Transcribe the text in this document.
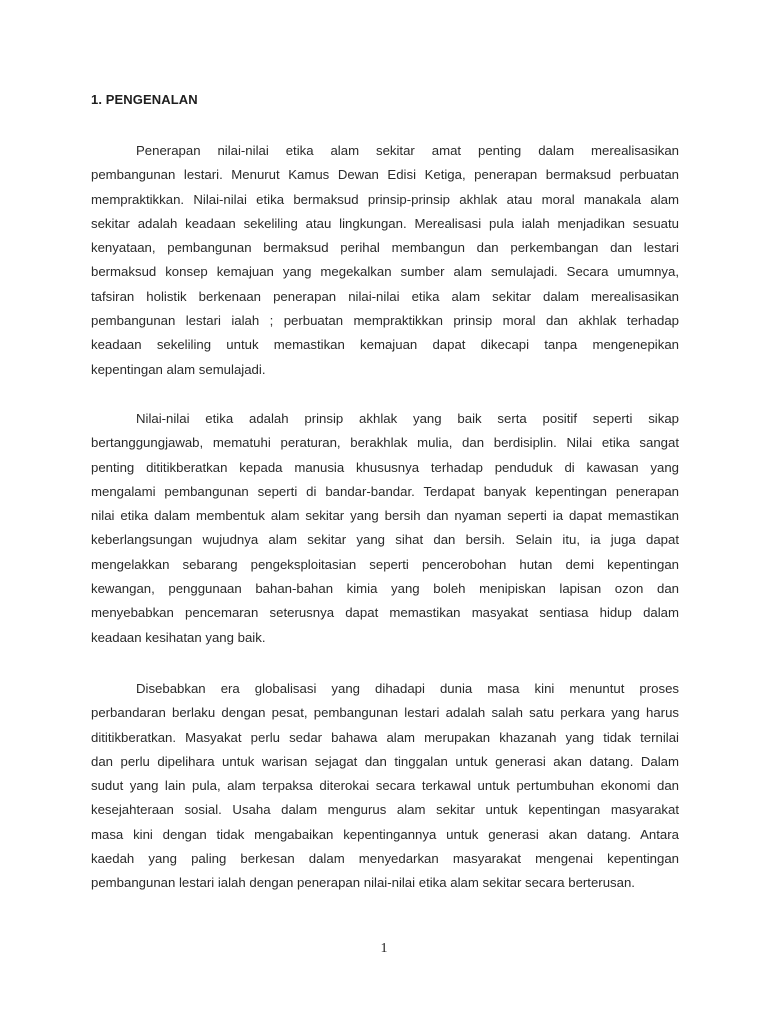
1. PENGENALAN
Penerapan nilai-nilai etika alam sekitar amat penting dalam merealisasikan
pembangunan lestari. Menurut Kamus Dewan Edisi Ketiga, penerapan bermaksud perbuatan
mempraktikkan. Nilai-nilai etika bermaksud prinsip-prinsip akhlak atau moral manakala alam
sekitar adalah keadaan sekeliling atau lingkungan. Merealisasi pula ialah menjadikan sesuatu
kenyataan, pembangunan bermaksud perihal membangun dan perkembangan dan lestari
bermaksud konsep kemajuan yang megekalkan sumber alam semulajadi. Secara umumnya,
tafsiran holistik berkenaan penerapan nilai-nilai etika alam sekitar dalam merealisasikan
pembangunan lestari ialah ; perbuatan mempraktikkan prinsip moral dan akhlak terhadap
keadaan sekeliling untuk memastikan kemajuan dapat dikecapi tanpa mengenepikan
kepentingan alam semulajadi.
Nilai-nilai etika adalah prinsip akhlak yang baik serta positif seperti sikap
bertanggungjawab, mematuhi peraturan, berakhlak mulia, dan berdisiplin. Nilai etika sangat
penting dititikberatkan kepada manusia khususnya terhadap penduduk di kawasan yang
mengalami pembangunan seperti di bandar-bandar. Terdapat banyak kepentingan penerapan
nilai etika dalam membentuk alam sekitar yang bersih dan nyaman seperti ia dapat memastikan
keberlangsungan wujudnya alam sekitar yang sihat dan bersih. Selain itu, ia juga dapat
mengelakkan sebarang pengeksploitasian seperti pencerobohan hutan demi kepentingan
kewangan, penggunaan bahan-bahan kimia yang boleh menipiskan lapisan ozon dan
menyebabkan pencemaran seterusnya dapat memastikan masyakat sentiasa hidup dalam
keadaan kesihatan yang baik.
Disebabkan era globalisasi yang dihadapi dunia masa kini menuntut proses
perbandaran berlaku dengan pesat, pembangunan lestari adalah salah satu perkara yang harus
dititikberatkan. Masyakat perlu sedar bahawa alam merupakan khazanah yang tidak ternilai
dan perlu dipelihara untuk warisan sejagat dan tinggalan untuk generasi akan datang. Dalam
sudut yang lain pula, alam terpaksa diterokai secara terkawal untuk pertumbuhan ekonomi dan
kesejahteraan sosial. Usaha dalam mengurus alam sekitar untuk kepentingan masyarakat
masa kini dengan tidak mengabaikan kepentingannya untuk generasi akan datang. Antara
kaedah yang paling berkesan dalam menyedarkan masyarakat mengenai kepentingan
pembangunan lestari ialah dengan penerapan nilai-nilai etika alam sekitar secara berterusan.
1
